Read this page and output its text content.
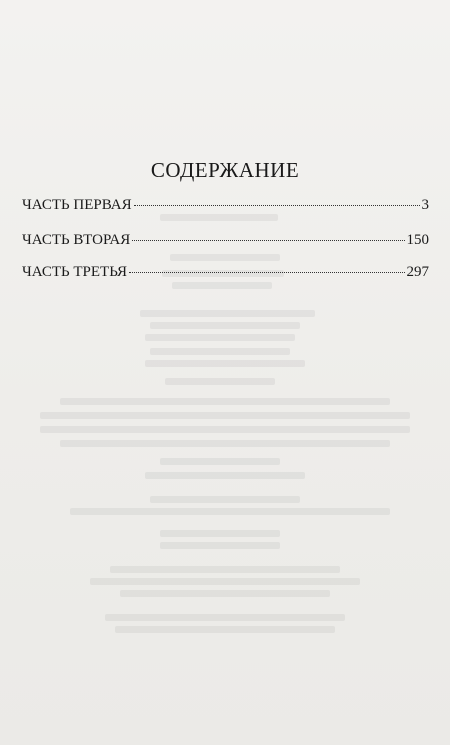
СОДЕРЖАНИЕ
ЧАСТЬ ПЕРВАЯ	3
ЧАСТЬ ВТОРАЯ	150
ЧАСТЬ ТРЕТЬЯ	297
